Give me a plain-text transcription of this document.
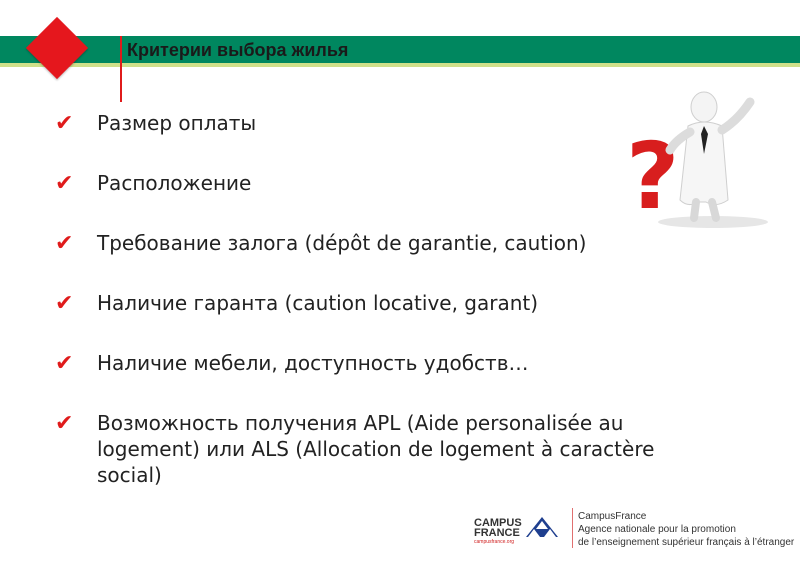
Критерии выбора жилья
✔ Размер оплаты
✔ Расположение
✔ Требование залога (dépôt de garantie, caution)
✔ Наличие гаранта (caution locative, garant)
✔ Наличие мебели, доступность удобств…
✔ Возможность получения APL (Aide personalisée au logement) или ALS (Allocation de logement à caractère social)
?
CAMPUS
FRANCE
campusfrance.org
CampusFrance
Agence nationale pour la promotion
de l’enseignement supérieur français à l’étranger
